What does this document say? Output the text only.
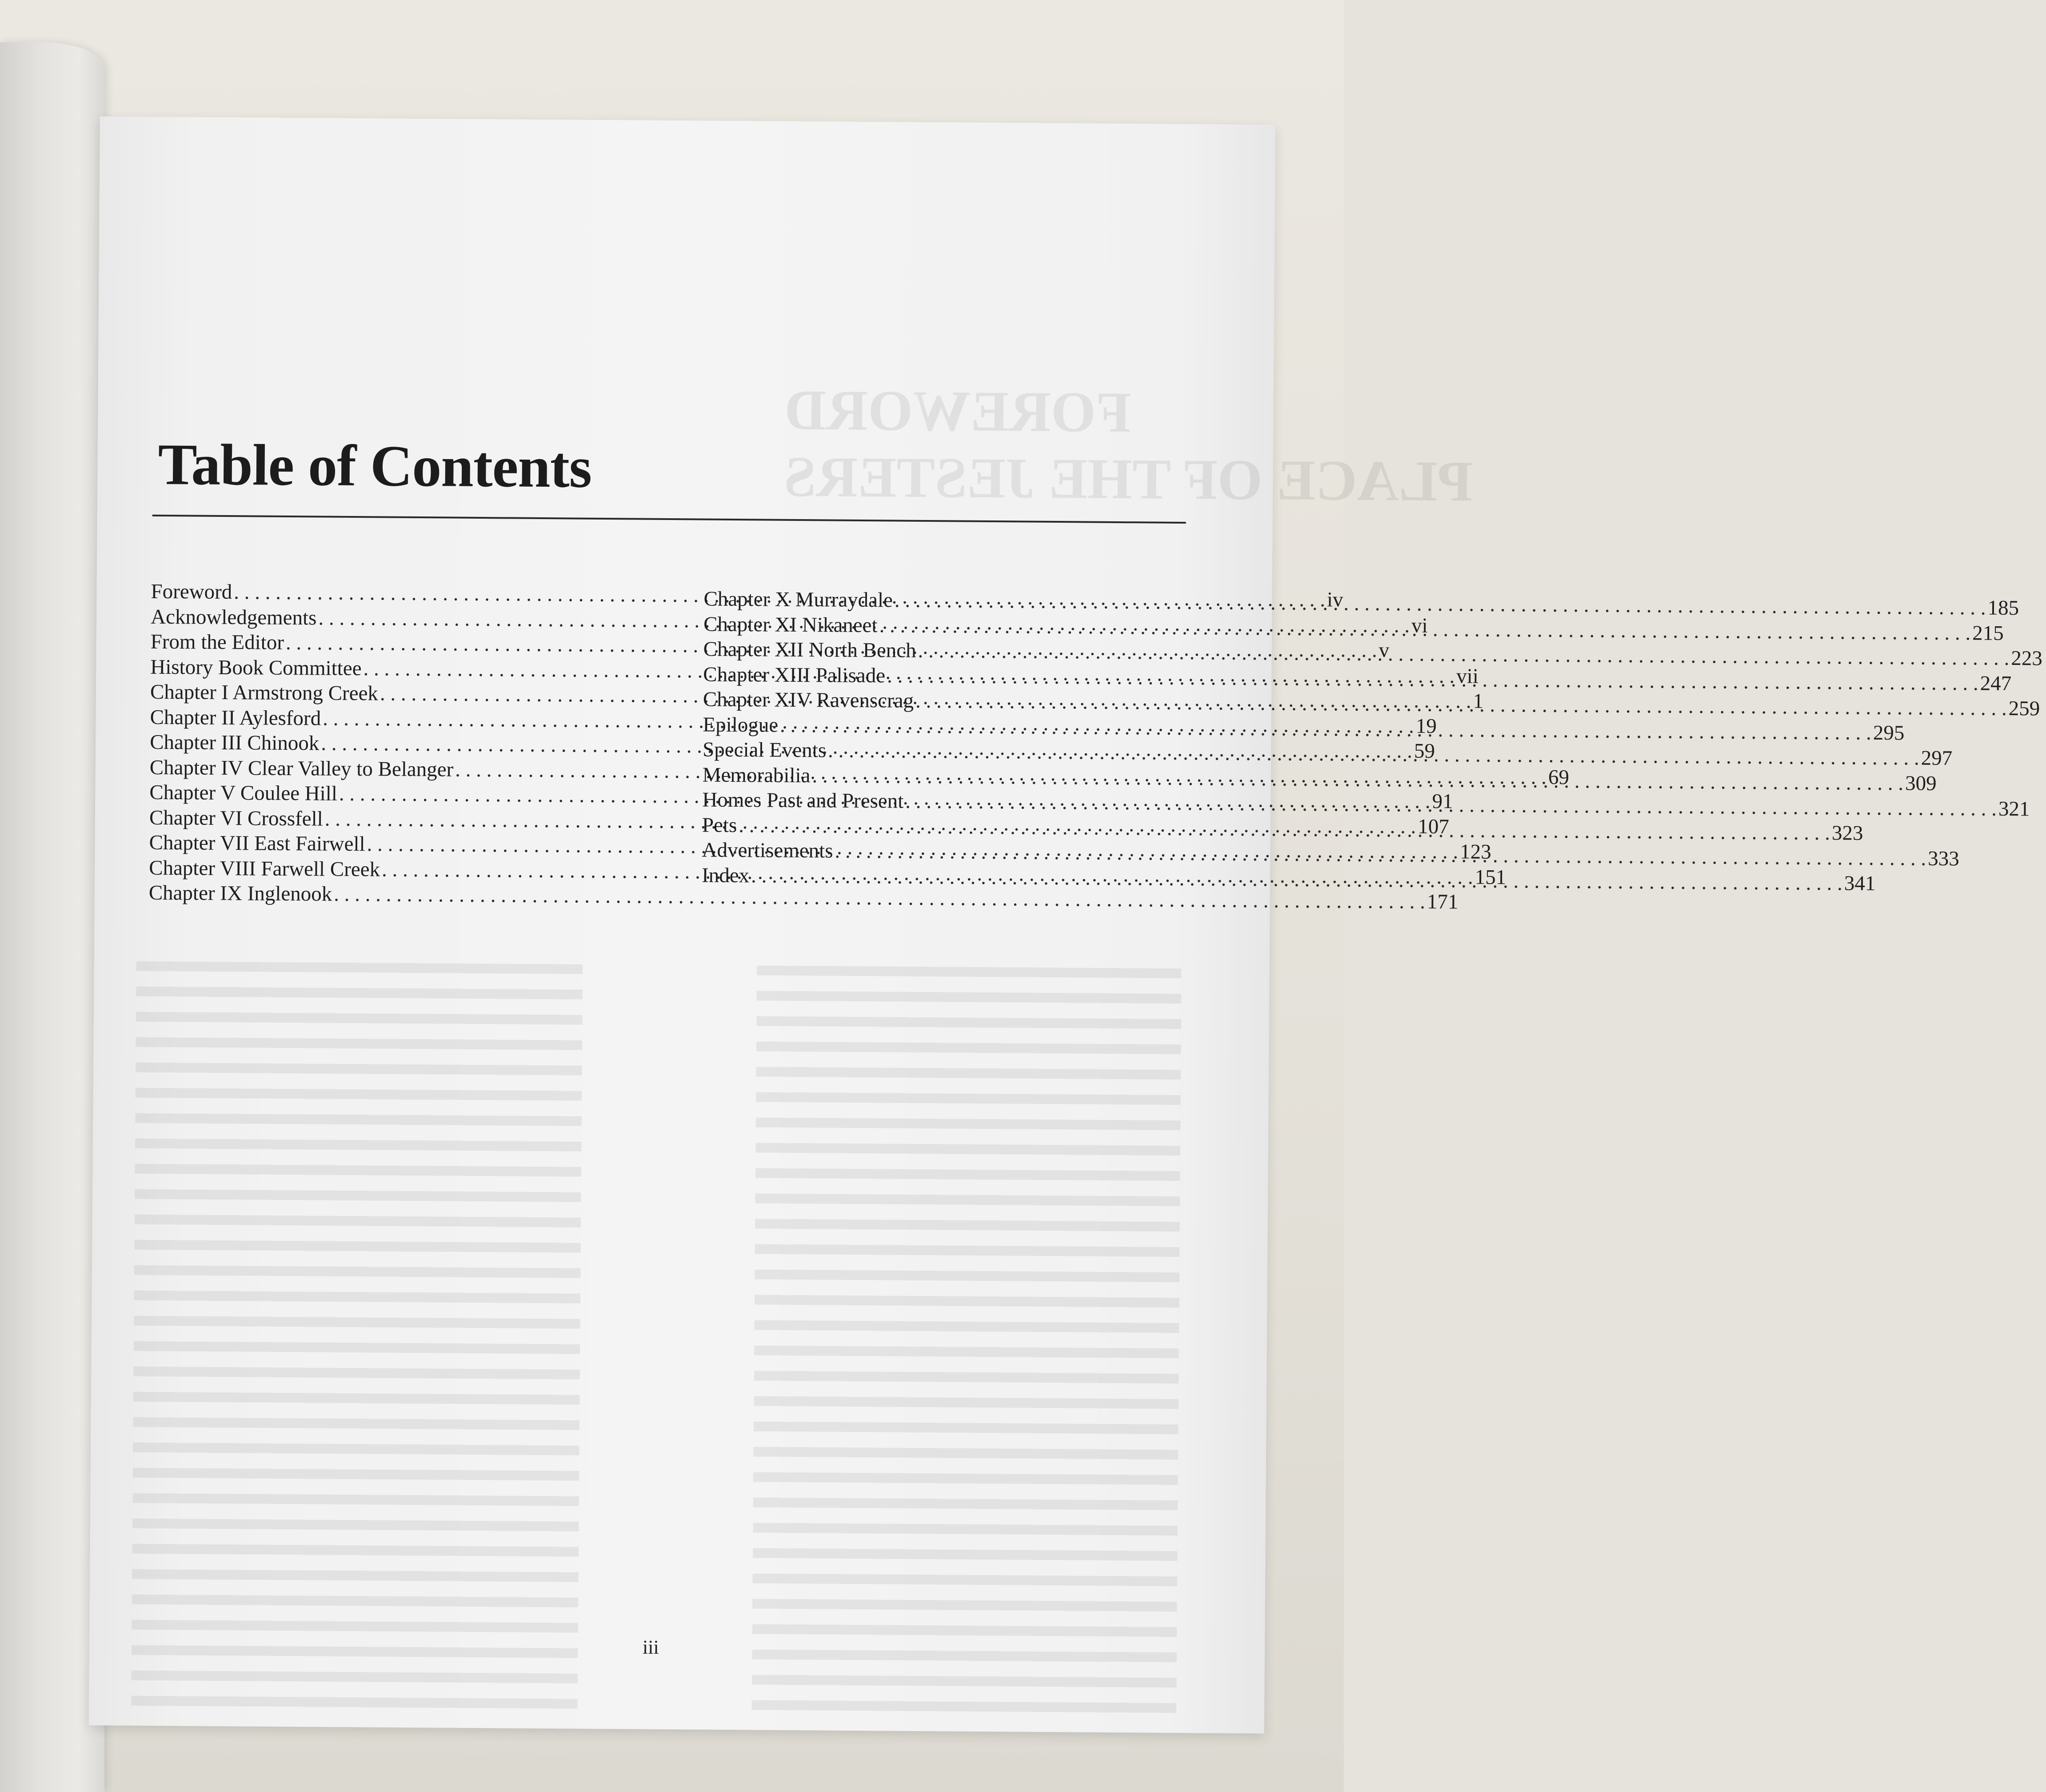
FOREWORD
PLACE OF THE JESTERS
Table of Contents
Foreword . . .	iv
Acknowledgements . . .	vi
From the Editor . . .	v
History Book Committee . . .	vii
Chapter I Armstrong Creek . . .	1
Chapter II Aylesford . . .	19
Chapter III Chinook . . .	59
Chapter IV Clear Valley to Belanger . . .	69
Chapter V Coulee Hill . . .	91
Chapter VI Crossfell . . .	107
Chapter VII East Fairwell . . .	123
Chapter VIII Farwell Creek . . .	151
Chapter IX Inglenook . . .	171
Chapter X Murraydale . . .	185
Chapter XI Nikaneet . . .	215
Chapter XII North Bench . . .	223
Chapter XIII Palisade . . .	247
Chapter XIV Ravenscrag . . .	259
Epilogue . . .	295
Special Events . . .	297
Memorabilia . . .	309
Homes Past and Present . . .	321
Pets . . .	323
Advertisements . . .	333
Index . . .	341
iii
